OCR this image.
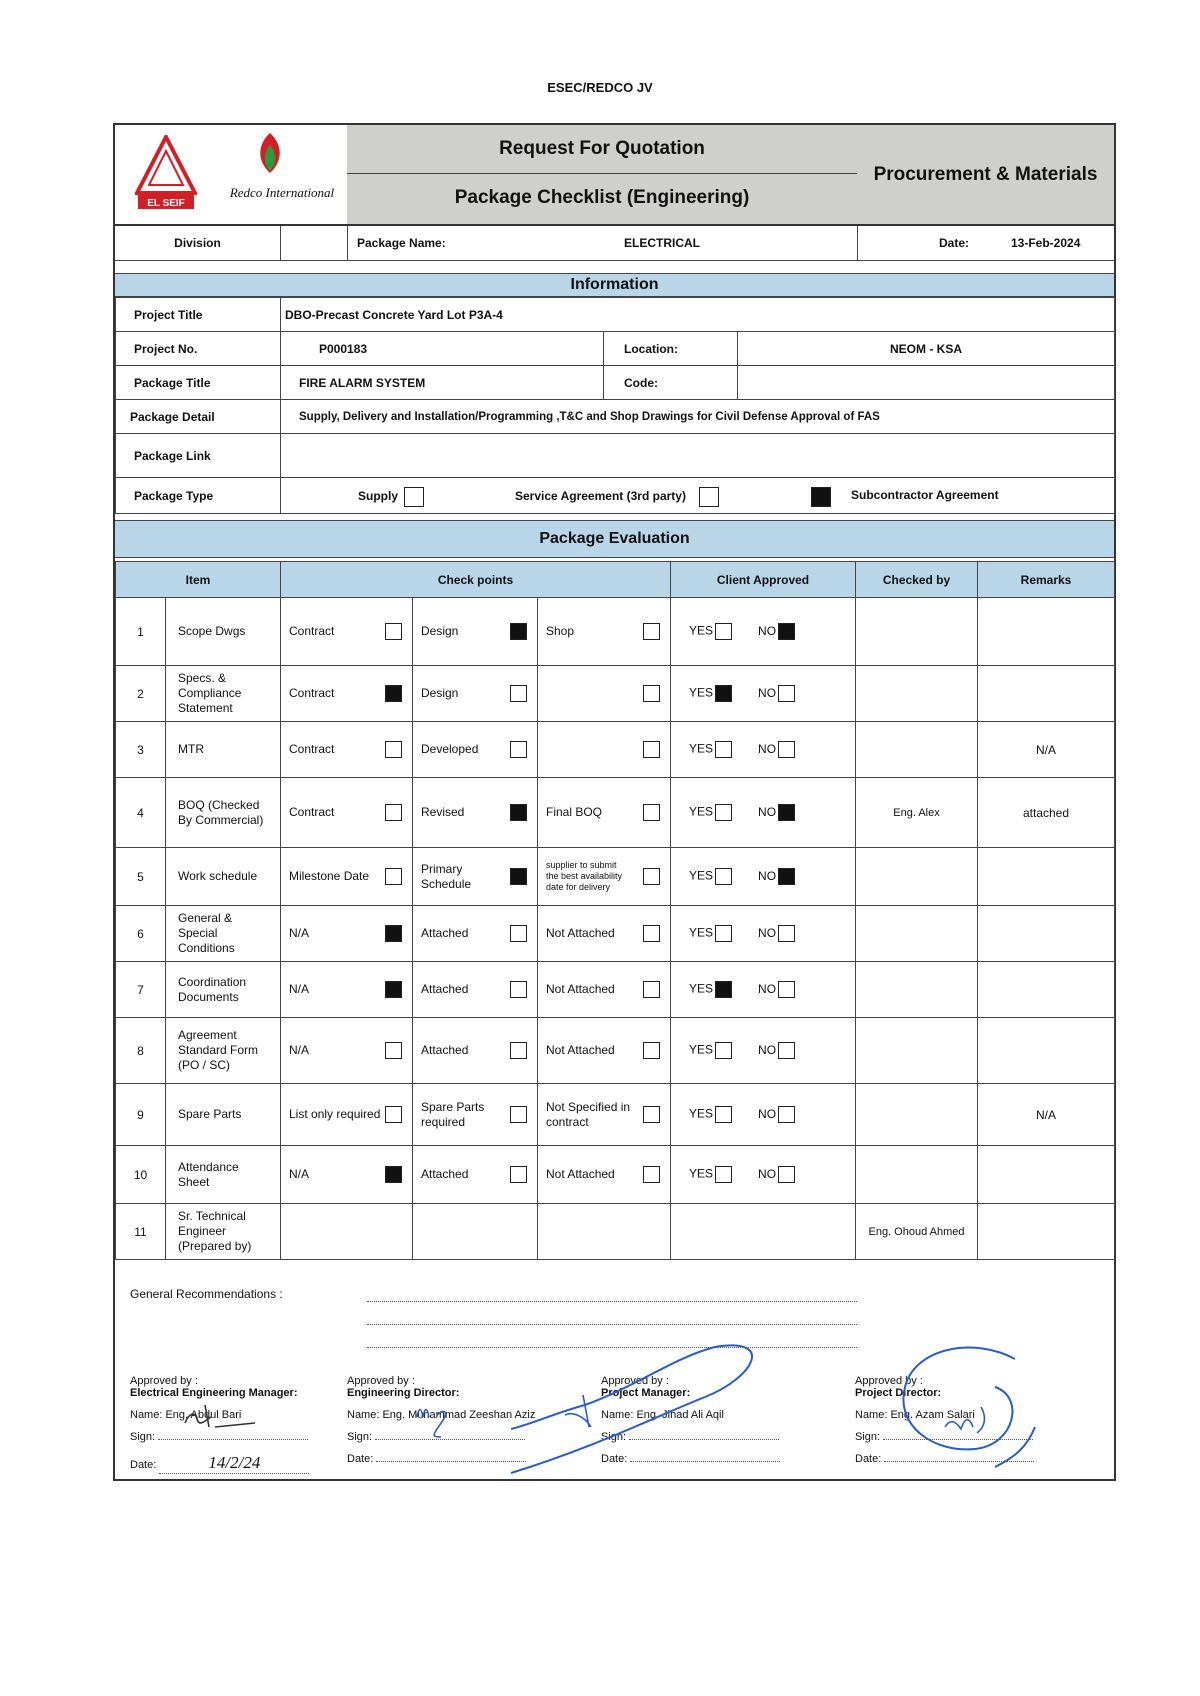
ESEC/REDCO JV
EL SEIF
Redco International
Request For Quotation
Package Checklist (Engineering)
Procurement & Materials
Division	Package Name:	ELECTRICAL	Date:	13-Feb-2024
Information
Project Title	DBO-Precast Concrete Yard Lot P3A-4		
Project No.	P000183	Location:	NEOM - KSA
Package Title	FIRE ALARM SYSTEM	Code:	
Package Detail	Supply, Delivery and Installation/Programming ,T&C and Shop Drawings for Civil Defense Approval of FAS		
Package Link			
Package Type	Supply Service Agreement (3rd party) Subcontractor Agreement		
Package Evaluation
Item		Check points			Client Approved	Checked by	Remarks
1	Scope Dwgs	Contract	Design	Shop	YES NO		
2	Specs. & Compliance Statement	Contract	Design		YES NO		
3	MTR	Contract	Developed		YES NO		N/A
4	BOQ (Checked By Commercial)	Contract	Revised	Final BOQ	YES NO	Eng. Alex	attached
5	Work schedule	Milestone Date	Primary Schedule	supplier to submit the best availability date for delivery	YES NO		
6	General & Special Conditions	N/A	Attached	Not Attached	YES NO		
7	Coordination Documents	N/A	Attached	Not Attached	YES NO		
8	Agreement Standard Form (PO / SC)	N/A	Attached	Not Attached	YES NO		
9	Spare Parts	List only required	Spare Parts required	Not Specified in contract	YES NO		N/A
10	Attendance Sheet	N/A	Attached	Not Attached	YES NO		
11	Sr. Technical Engineer (Prepared by)					Eng. Ohoud Ahmed	
General Recommendations :
Approved by :
Electrical Engineering Manager:
Name: Eng. Abdul Bari
Sign:
Date:	14/2/24
Approved by :
Engineering Director:
Name: Eng. Muhammad Zeeshan Aziz
Sign:
Date:
Approved by :
Project Manager:
Name: Eng. Jihad Ali Aqil
Sign:
Date:
Approved by :
Project Director:
Name: Eng. Azam Salari
Sign:
Date:
